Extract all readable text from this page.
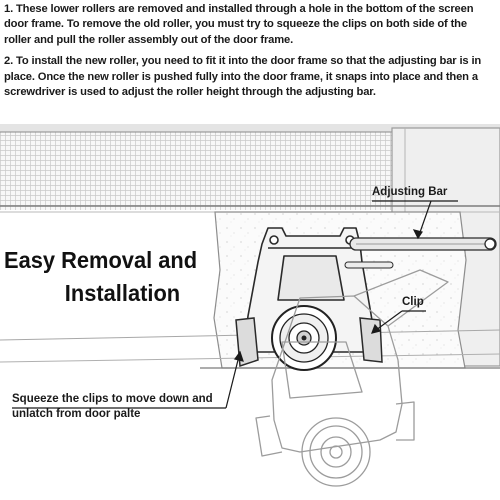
1. These lower rollers are removed and installed through a hole in the bottom of the screen door frame. To remove the old roller, you must try to squeeze the clips on both side of the roller and pull the roller assembly out of the door frame.

2. To install the new roller, you need to fit it into the door frame so that the adjusting bar is in place. Once the new roller is pushed fully into the door frame, it snaps into place and then a screwdriver is used to adjust the roller height through the adjusting bar.

Easy Removal and
Installation
Adjusting Bar
Clip
Squeeze the clips to move down and unlatch from door palte
